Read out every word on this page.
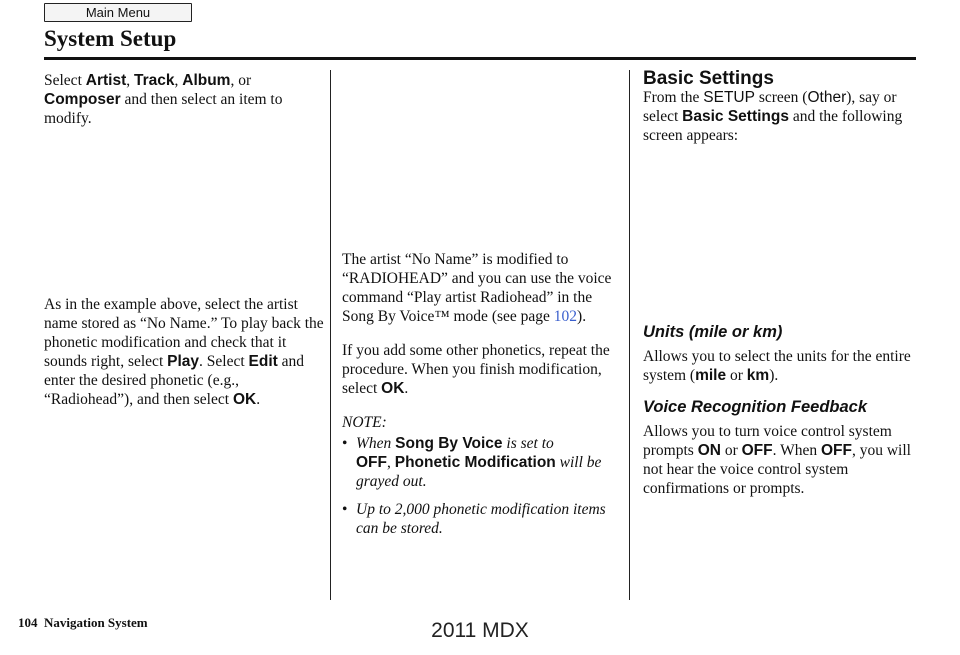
Main Menu
System Setup

Select Artist, Track, Album, or
Composer and then select an item to modify.

As in the example above, select the artist name stored as “No Name.” To play back the phonetic modification and check that it sounds right, select Play. Select Edit and enter the desired phonetic (e.g., “Radiohead”), and then select OK.

The artist “No Name” is modified to “RADIOHEAD” and you can use the voice command “Play artist Radiohead” in the Song By Voice™ mode (see page 102).

If you add some other phonetics, repeat the procedure. When you finish modification, select OK.

NOTE:

• When Song By Voice is set to
OFF, Phonetic Modification will be grayed out.
• Up to 2,000 phonetic modification items can be stored.
Basic Settings

From the SETUP screen (Other), say or select Basic Settings and the following screen appears:

Units (mile or km)

Allows you to select the units for the entire system (mile or km).

Voice Recognition Feedback

Allows you to turn voice control system prompts ON or OFF. When OFF, you will not hear the voice control system confirmations or prompts.

104 Navigation System	2011 MDX
